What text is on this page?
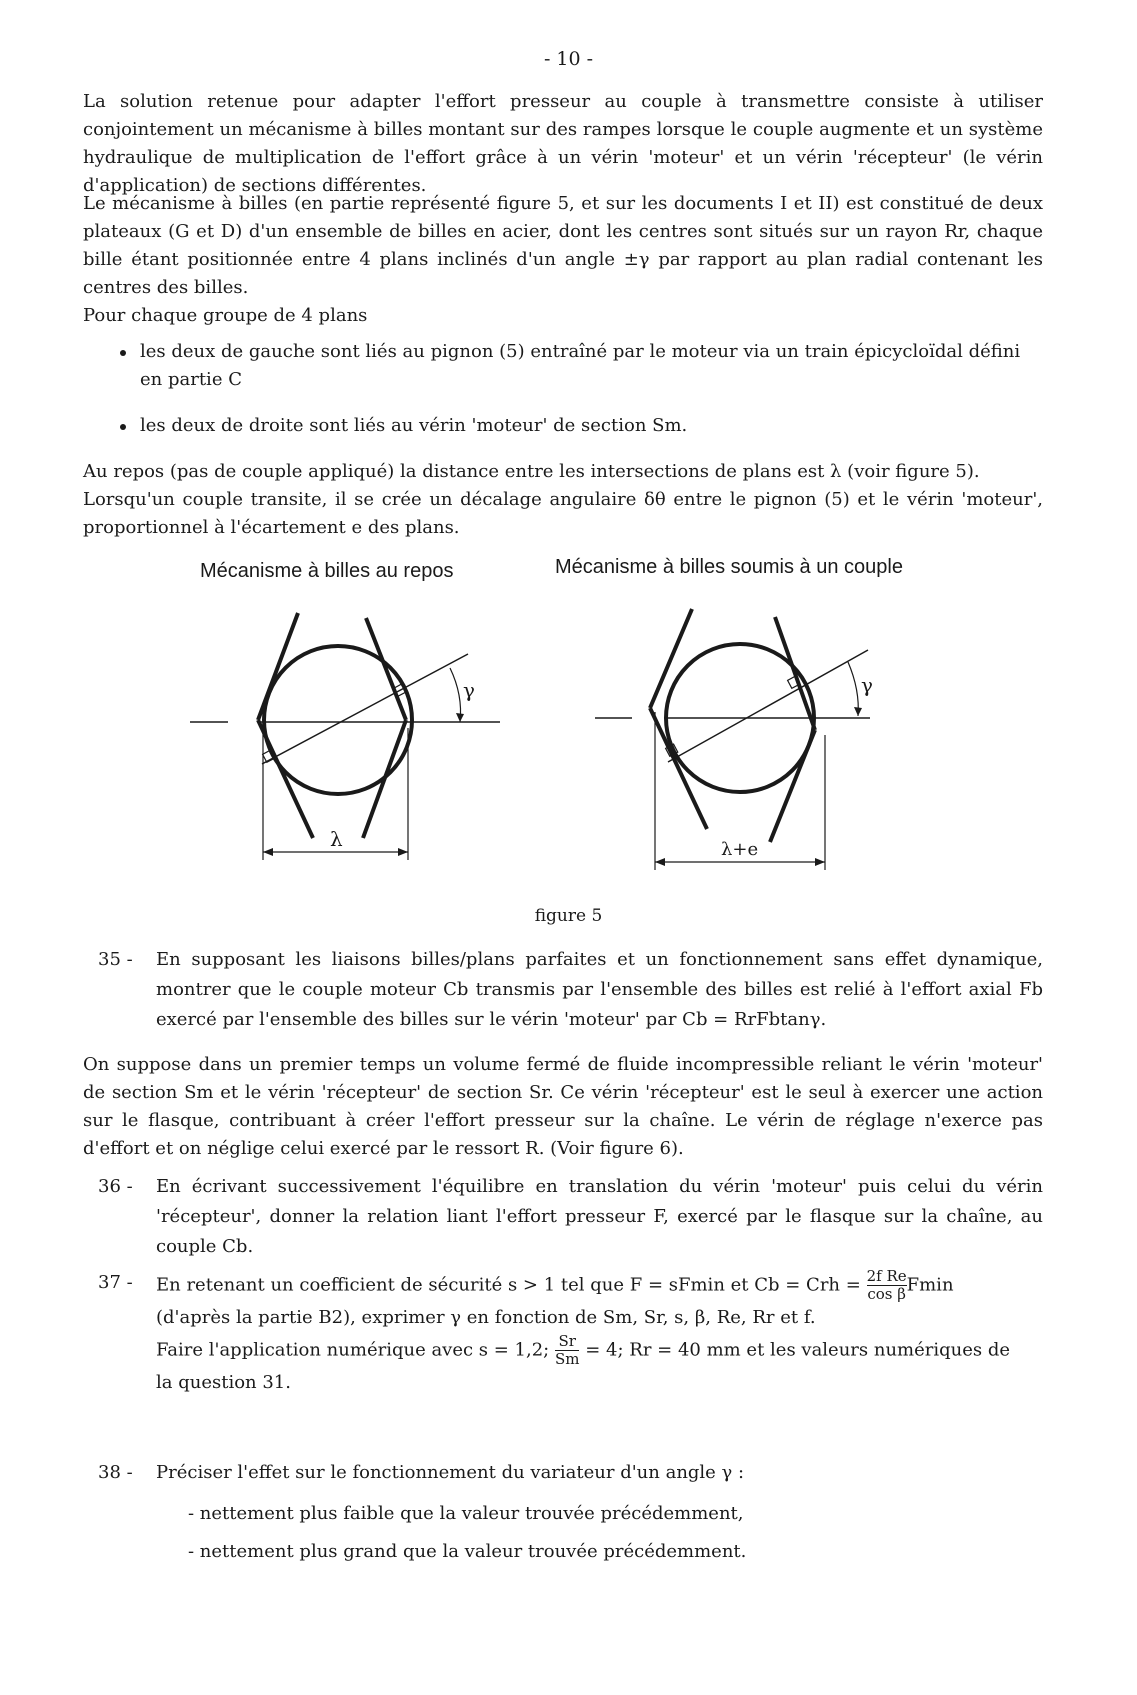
- 10 -
La solution retenue pour adapter l'effort presseur au couple à transmettre consiste à utiliser conjointement un mécanisme à billes montant sur des rampes lorsque le couple augmente et un système hydraulique de multiplication de l'effort grâce à un vérin 'moteur' et un vérin 'récepteur' (le vérin d'application) de sections différentes.
Le mécanisme à billes (en partie représenté figure 5, et sur les documents I et II) est constitué de deux plateaux (G et D) d'un ensemble de billes en acier, dont les centres sont situés sur un rayon Rr, chaque bille étant positionnée entre 4 plans inclinés d'un angle ±γ par rapport au plan radial contenant les centres des billes.
Pour chaque groupe de 4 plans
les deux de gauche sont liés au pignon (5) entraîné par le moteur via un train épicycloïdal défini en partie C
les deux de droite sont liés au vérin 'moteur' de section Sm.
Au repos (pas de couple appliqué) la distance entre les intersections de plans est λ (voir figure 5).
Lorsqu'un couple transite, il se crée un décalage angulaire δθ entre le pignon (5) et le vérin 'moteur', proportionnel à l'écartement e des plans.
Mécanisme à billes au repos	Mécanisme à billes soumis à un couple
γ
λ
γ
λ+e
figure 5
35 - En supposant les liaisons billes/plans parfaites et un fonctionnement sans effet dynamique, montrer que le couple moteur Cb transmis par l'ensemble des billes est relié à l'effort axial Fb exercé par l'ensemble des billes sur le vérin 'moteur' par Cb = RrFbtanγ.
On suppose dans un premier temps un volume fermé de fluide incompressible reliant le vérin 'moteur' de section Sm et le vérin 'récepteur' de section Sr. Ce vérin 'récepteur' est le seul à exercer une action sur le flasque, contribuant à créer l'effort presseur sur la chaîne. Le vérin de réglage n'exerce pas d'effort et on néglige celui exercé par le ressort R. (Voir figure 6).
36 - En écrivant successivement l'équilibre en translation du vérin 'moteur' puis celui du vérin 'récepteur', donner la relation liant l'effort presseur F, exercé par le flasque sur la chaîne, au couple Cb.
37 - En retenant un coefficient de sécurité s > 1 tel que F = sFmin et Cb = Crh = $\frac{\text{2f Re}}{\text{cos β}}$ Fmin
(d'après la partie B2), exprimer γ en fonction de Sm, Sr, s, β, Re, Rr et f.
Faire l'application numérique avec s = 1,2; $\frac{Sr}{Sm} = 4$; Rr = 40 mm et les valeurs numériques de
la question 31.
38 - Préciser l'effet sur le fonctionnement du variateur d'un angle γ :
- nettement plus faible que la valeur trouvée précédemment,
- nettement plus grand que la valeur trouvée précédemment.
